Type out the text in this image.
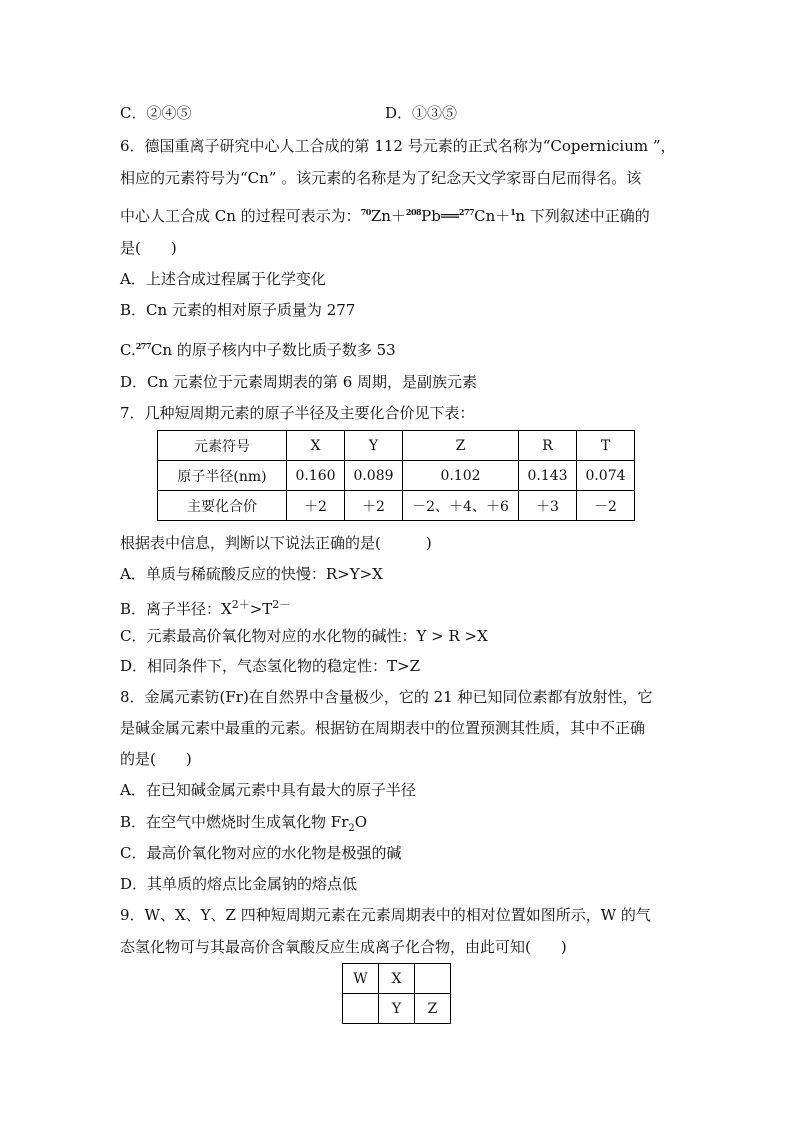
C．②④⑤	D．①③⑤
6．德国重离子研究中心人工合成的第 112 号元素的正式名称为“Copernicium ”，
相应的元素符号为“Cn” 。该元素的名称是为了纪念天文学家哥白尼而得名。该
中心人工合成 Cn 的过程可表示为：$^{70}$Zn＋$^{208}$Pb══$^{277}$Cn＋$^1$n 下列叙述中正确的
是(　　)
A．上述合成过程属于化学变化
B．Cn 元素的相对原子质量为 277
C.$^{277}$Cn 的原子核内中子数比质子数多 53
D．Cn 元素位于元素周期表的第 6 周期，是副族元素
7．几种短周期元素的原子半径及主要化合价见下表：
元素符号	X	Y	Z	R	T
原子半径(nm)	0.160	0.089	0.102	0.143	0.074
主要化合价	＋2	＋2	－2、＋4、＋6	＋3	－2
根据表中信息，判断以下说法正确的是(　　　)
A．单质与稀硫酸反应的快慢：R>Y>X
B．离子半径：$X^{2+}>T^{2-}$
C．元素最高价氧化物对应的水化物的碱性：Y > R >X
D．相同条件下，气态氢化物的稳定性：T>Z
8．金属元素钫(Fr)在自然界中含量极少，它的 21 种已知同位素都有放射性，它
是碱金属元素中最重的元素。根据钫在周期表中的位置预测其性质，其中不正确
的是(　　)
A．在已知碱金属元素中具有最大的原子半径
B．在空气中燃烧时生成氧化物 $Fr_2O$
C．最高价氧化物对应的水化物是极强的碱
D．其单质的熔点比金属钠的熔点低
9．W、X、Y、Z 四种短周期元素在元素周期表中的相对位置如图所示，W 的气
态氢化物可与其最高价含氧酸反应生成离子化合物，由此可知(　　)
W	X	
	Y	Z
